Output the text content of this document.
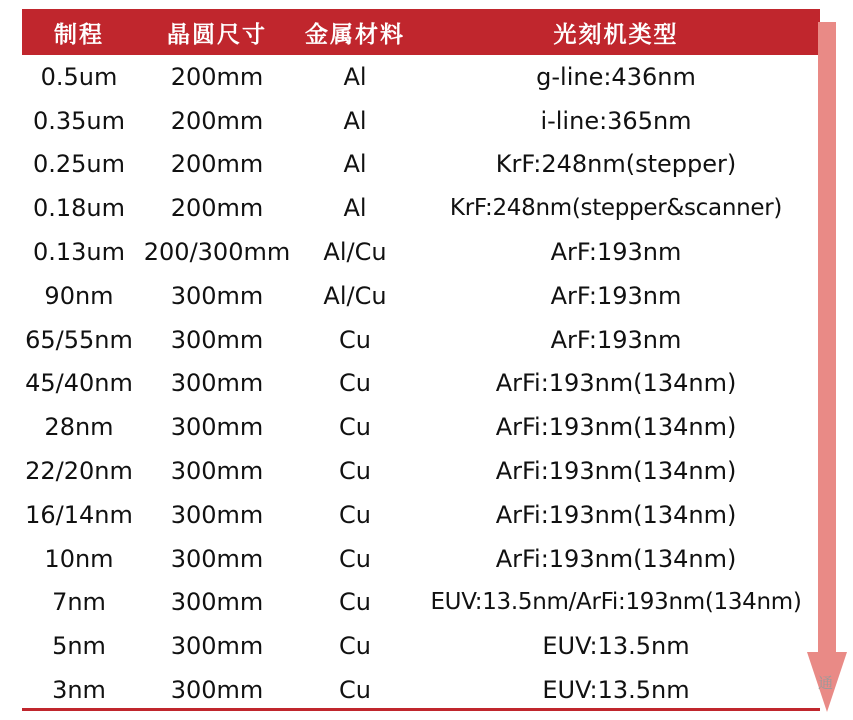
制程	晶圆尺寸	金属材料	光刻机类型
0.5um	200mm	Al	g-line:436nm
0.35um	200mm	Al	i-line:365nm
0.25um	200mm	Al	KrF:248nm(stepper)
0.18um	200mm	Al	KrF:248nm(stepper&scanner)
0.13um	200/300mm	Al/Cu	ArF:193nm
90nm	300mm	Al/Cu	ArF:193nm
65/55nm	300mm	Cu	ArF:193nm
45/40nm	300mm	Cu	ArFi:193nm(134nm)
28nm	300mm	Cu	ArFi:193nm(134nm)
22/20nm	300mm	Cu	ArFi:193nm(134nm)
16/14nm	300mm	Cu	ArFi:193nm(134nm)
10nm	300mm	Cu	ArFi:193nm(134nm)
7nm	300mm	Cu	EUV:13.5nm/ArFi:193nm(134nm)
5nm	300mm	Cu	EUV:13.5nm
3nm	300mm	Cu	EUV:13.5nm	通
